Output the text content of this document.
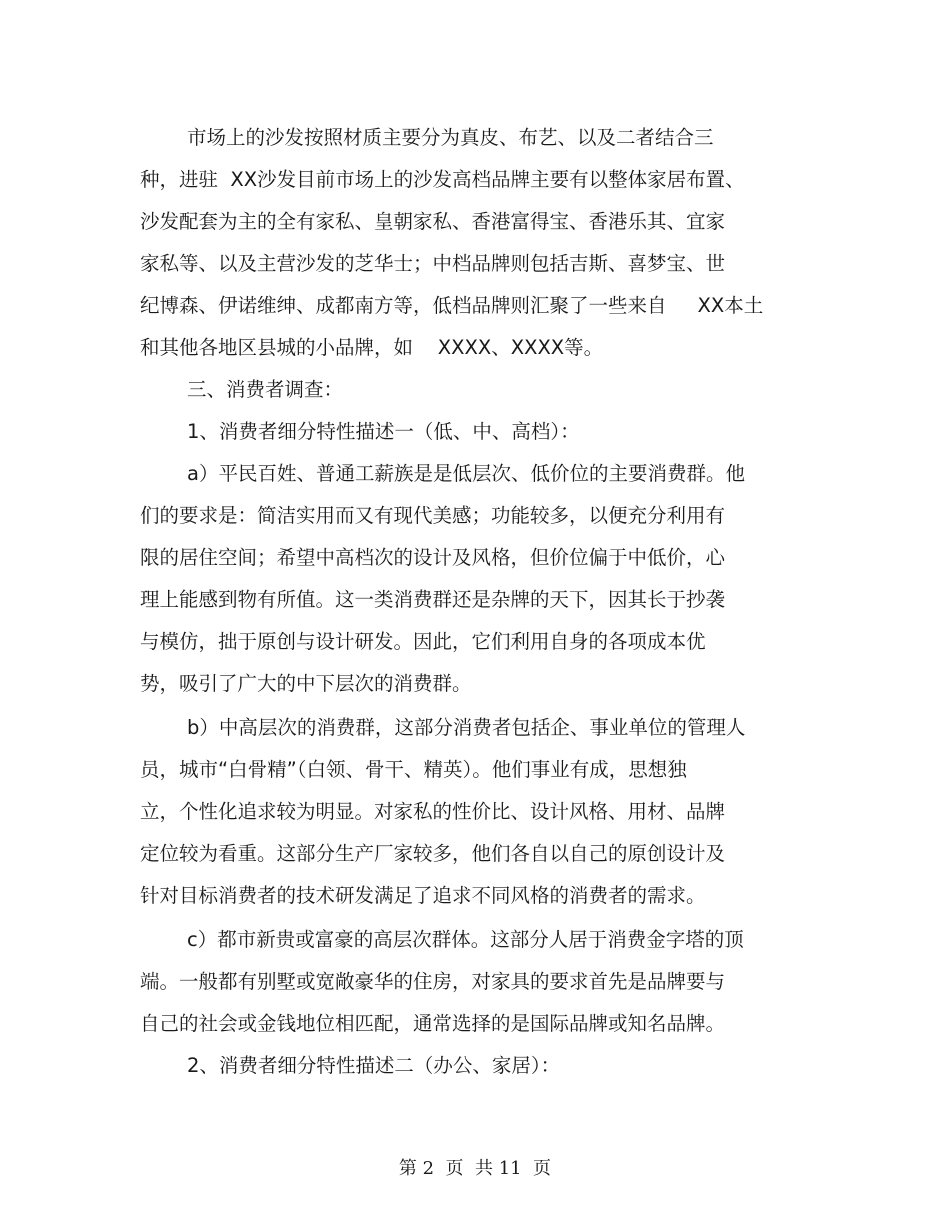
市场上的沙发按照材质主要分为真皮、布艺、以及二者结合三
种，进驻  XX沙发目前市场上的沙发高档品牌主要有以整体家居布置、
沙发配套为主的全有家私、皇朝家私、香港富得宝、香港乐其、宜家
家私等、以及主营沙发的芝华士；中档品牌则包括吉斯、喜梦宝、世
纪博森、伊诺维绅、成都南方等，低档品牌则汇聚了一些来自     XX本土
和其他各地区县城的小品牌，如    XXXX、XXXX等。
三、消费者调查：
1、消费者细分特性描述一（低、中、高档）：
a）平民百姓、普通工薪族是是低层次、低价位的主要消费群。他
们的要求是：简洁实用而又有现代美感；功能较多，以便充分利用有
限的居住空间；希望中高档次的设计及风格，但价位偏于中低价，心
理上能感到物有所值。这一类消费群还是杂牌的天下，因其长于抄袭
与模仿，拙于原创与设计研发。因此，它们利用自身的各项成本优
势，吸引了广大的中下层次的消费群。
b）中高层次的消费群，这部分消费者包括企、事业单位的管理人
员，城市“白骨精”（白领、骨干、精英）。他们事业有成，思想独
立，个性化追求较为明显。对家私的性价比、设计风格、用材、品牌
定位较为看重。这部分生产厂家较多，他们各自以自己的原创设计及
针对目标消费者的技术研发满足了追求不同风格的消费者的需求。
c）都市新贵或富豪的高层次群体。这部分人居于消费金字塔的顶
端。一般都有别墅或宽敞豪华的住房，对家具的要求首先是品牌要与
自己的社会或金钱地位相匹配，通常选择的是国际品牌或知名品牌。
2、消费者细分特性描述二（办公、家居）：
第 2  页  共 11  页
